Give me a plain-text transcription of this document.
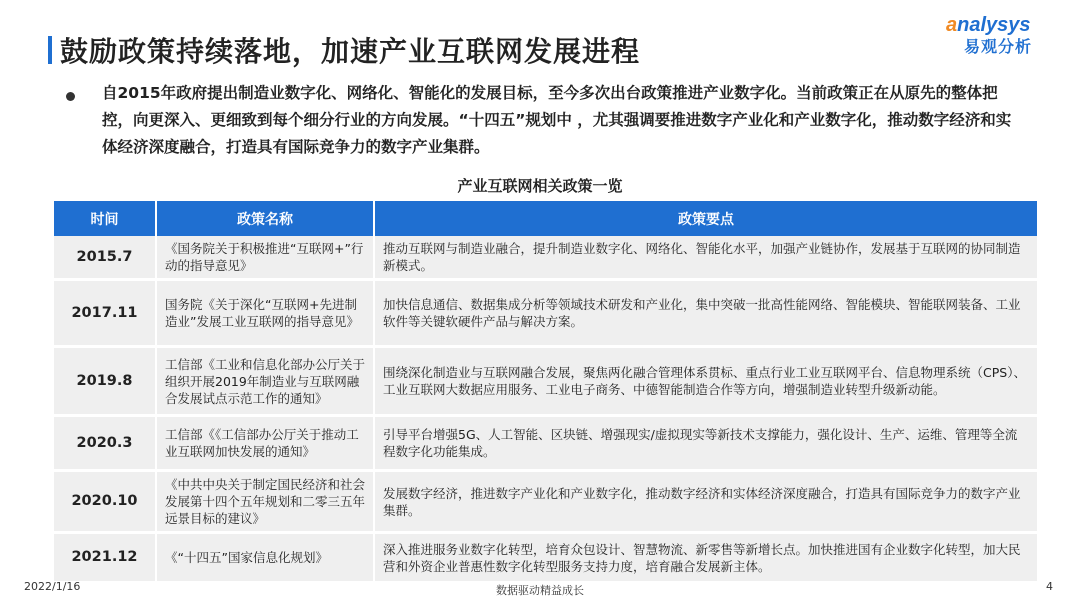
鼓励政策持续落地，加速产业互联网发展进程
analysys
易观分析
自2015年政府提出制造业数字化、网络化、智能化的发展目标，至今多次出台政策推进产业数字化。当前政策正在从原先的整体把控，向更深入、更细致到每个细分行业的方向发展。“十四五”规划中 ，尤其强调要推进数字产业化和产业数字化，推动数字经济和实体经济深度融合，打造具有国际竞争力的数字产业集群。
产业互联网相关政策一览
时间	政策名称	政策要点
2015.7	《国务院关于积极推进“互联网+”行动的指导意见》	推动互联网与制造业融合，提升制造业数字化、网络化、智能化水平，加强产业链协作，发展基于互联网的协同制造新模式。
2017.11	国务院《关于深化“互联网+先进制造业”发展工业互联网的指导意见》	加快信息通信、数据集成分析等领域技术研发和产业化，集中突破一批高性能网络、智能模块、智能联网装备、工业软件等关键软硬件产品与解决方案。
2019.8	工信部《工业和信息化部办公厅关于组织开展2019年制造业与互联网融合发展试点示范工作的通知》	围绕深化制造业与互联网融合发展，聚焦两化融合管理体系贯标、重点行业工业互联网平台、信息物理系统（CPS）、工业互联网大数据应用服务、工业电子商务、中德智能制造合作等方向，增强制造业转型升级新动能。
2020.3	工信部《《工信部办公厅关于推动工业互联网加快发展的通知》	引导平台增强5G、人工智能、区块链、增强现实/虚拟现实等新技术支撑能力，强化设计、生产、运维、管理等全流程数字化功能集成。
2020.10	《中共中央关于制定国民经济和社会发展第十四个五年规划和二零三五年远景目标的建议》	发展数字经济，推进数字产业化和产业数字化，推动数字经济和实体经济深度融合，打造具有国际竞争力的数字产业集群。
2021.12	《“十四五”国家信息化规划》	深入推进服务业数字化转型，培育众包设计、智慧物流、新零售等新增长点。加快推进国有企业数字化转型，加大民营和外资企业普惠性数字化转型服务支持力度，培育融合发展新主体。
2022/1/16	数据驱动精益成长	4
